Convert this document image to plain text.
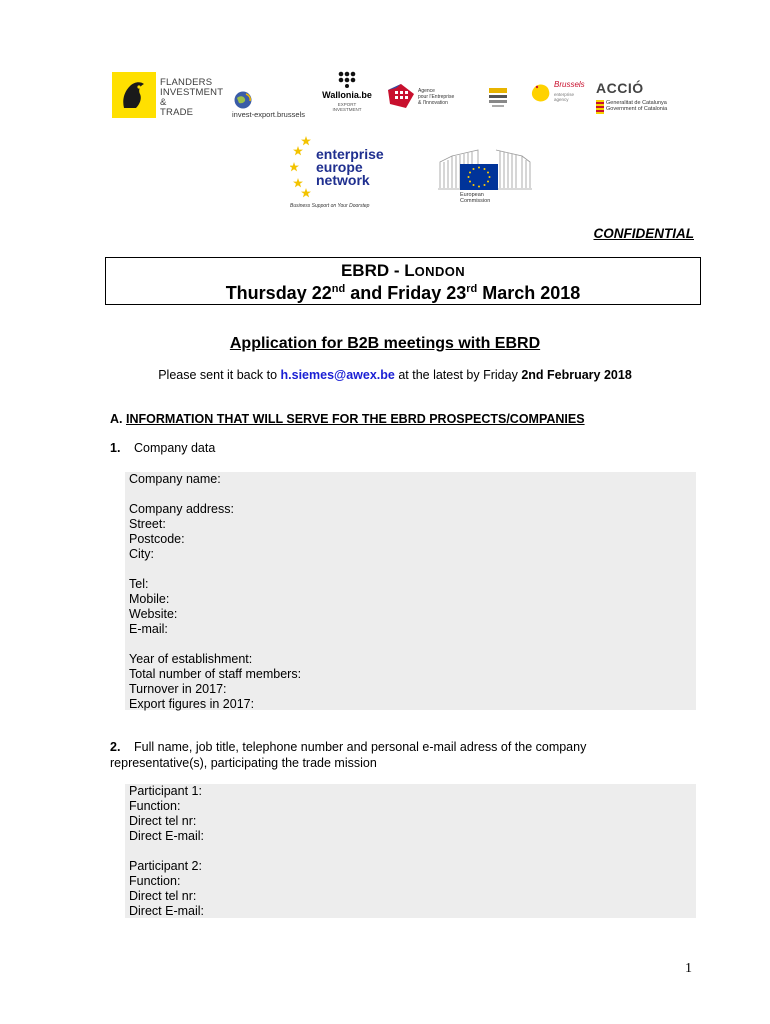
FLANDERS
INVESTMENT &
TRADE	invest-export.brussels
Wallonia.be
EXPORT
INVESTMENT
Agence
pour l'Entreprise
& l'Innovation
Brussels
enterprise
agency
ACCIÓ
Generalitat de Catalunya
Government of Catalonia
enterprise
europe
network
Business Support on Your Doorstep
European
Commission
CONFIDENTIAL
EBRD - LONDON
Thursday 22nd and Friday 23rd March 2018
Application for B2B meetings with EBRD
Please sent it back to h.siemes@awex.be at the latest by Friday 2nd February 2018
A. INFORMATION THAT WILL SERVE FOR THE EBRD PROSPECTS/COMPANIES
1. Company data
Company name:

Company address:
Street:
Postcode:
City:

Tel:
Mobile:
Website:
E-mail:

Year of establishment:
Total number of staff members:
Turnover in 2017:
Export figures in 2017:
2. Full name, job title, telephone number and personal e-mail adress of the company representative(s), participating the trade mission
Participant 1:
Function:
Direct tel nr:
Direct E-mail:

Participant 2:
Function:
Direct tel nr:
Direct E-mail:
1
